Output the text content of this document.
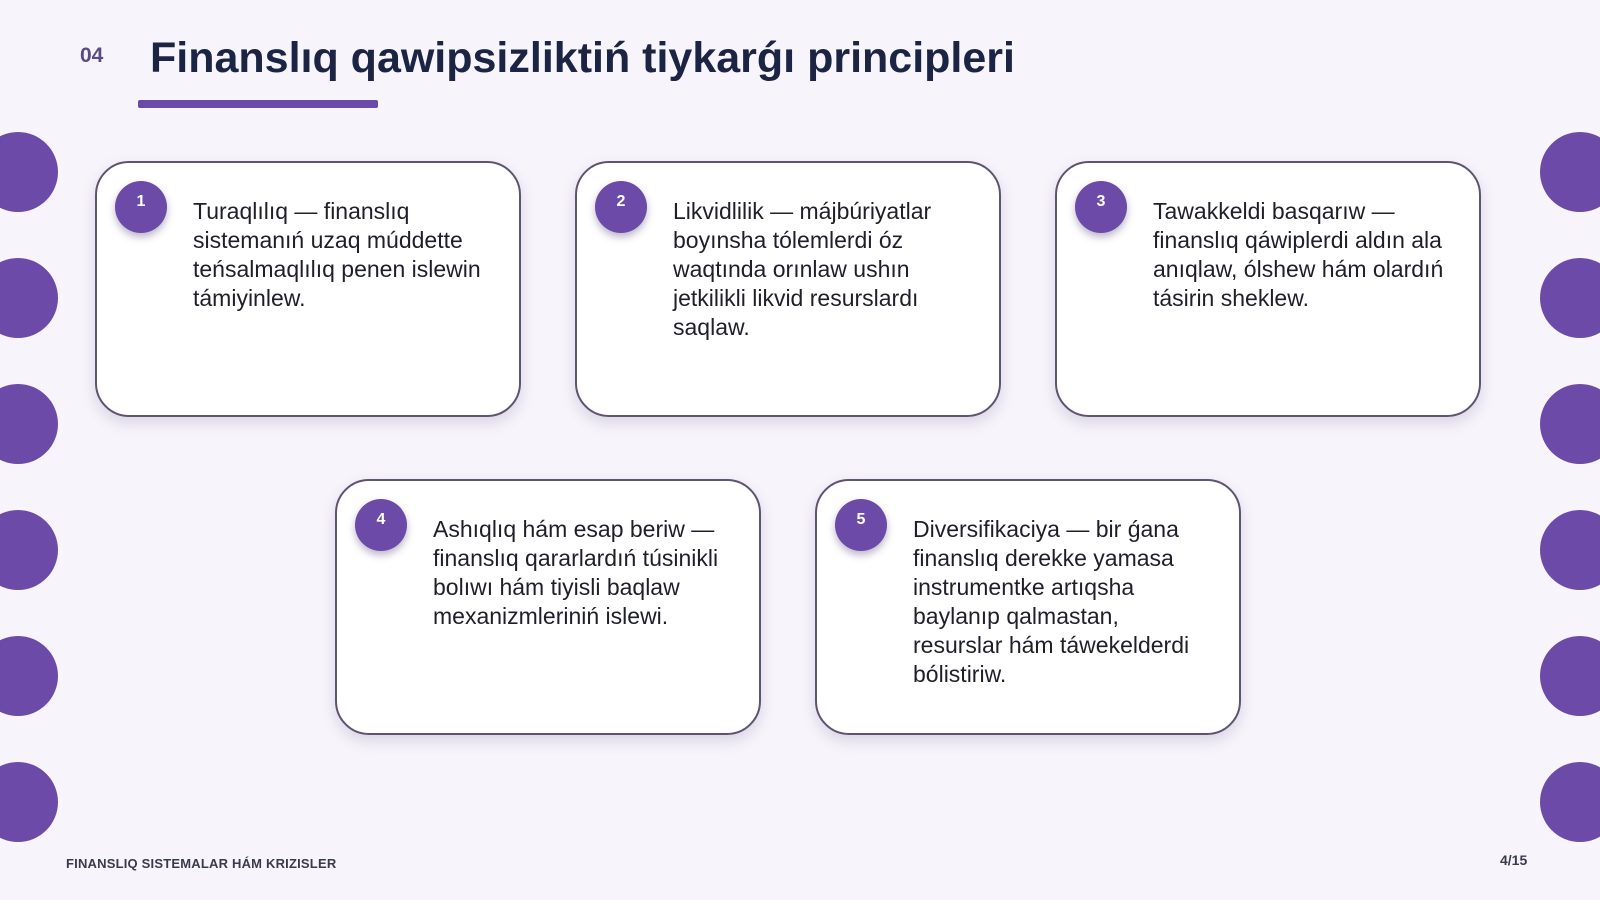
04 Finanslıq qawipsizliktiń tiykarǵı principleri
1	Turaqlılıq — finanslıq sistemanıń uzaq múddette teńsalmaqlılıq penen islewin támiyinlew.
2	Likvidlilik — májbúriyatlar boyınsha tólemlerdi óz waqtında orınlaw ushın jetkilikli likvid resurslardı saqlaw.
3	Tawakkeldi basqarıw — finanslıq qáwiplerdi aldın ala anıqlaw, ólshew hám olardıń tásirin sheklew.
4	Ashıqlıq hám esap beriw — finanslıq qararlardıń túsinikli bolıwı hám tiyisli baqlaw mexanizmleriniń islewi.
5	Diversifikaciya — bir ǵana finanslıq derekke yamasa instrumentke artıqsha baylanıp qalmastan, resurslar hám táwekelderdi bólistiriw.
FINANSLIQ SISTEMALAR HÁM KRIZISLER	4/15
